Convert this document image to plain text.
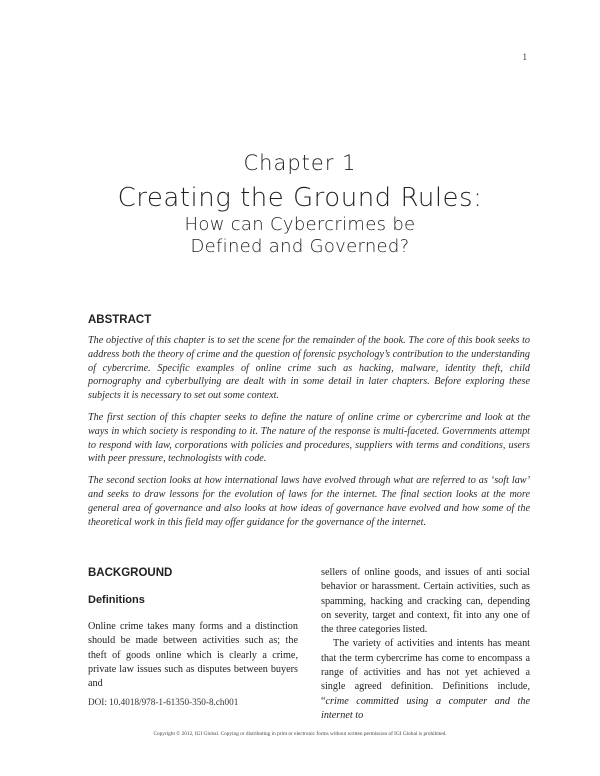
1
Chapter 1
Creating the Ground Rules:
How can Cybercrimes be
Defined and Governed?
ABSTRACT

The objective of this chapter is to set the scene for the remainder of the book. The core of this book seeks to address both the theory of crime and the question of forensic psychology’s contribution to the understanding of cybercrime. Specific examples of online crime such as hacking, malware, identity theft, child pornography and cyberbullying are dealt with in some detail in later chapters. Before exploring these subjects it is necessary to set out some context.

The first section of this chapter seeks to define the nature of online crime or cybercrime and look at the ways in which society is responding to it. The nature of the response is multi-faceted. Governments attempt to respond with law, corporations with policies and procedures, suppliers with terms and conditions, users with peer pressure, technologists with code.

The second section looks at how international laws have evolved through what are referred to as ‘soft law’ and seeks to draw lessons for the evolution of laws for the internet. The final section looks at the more general area of governance and also looks at how ideas of governance have evolved and how some of the theoretical work in this field may offer guidance for the governance of the internet.

BACKGROUND
Definitions

Online crime takes many forms and a distinction should be made between activities such as; the theft of goods online which is clearly a crime, private law issues such as disputes between buyers and

sellers of online goods, and issues of anti social behavior or harassment. Certain activities, such as spamming, hacking and cracking can, depending on severity, target and context, fit into any one of the three categories listed.

The variety of activities and intents has meant that the term cybercrime has come to encompass a range of activities and has not yet achieved a single agreed definition. Definitions include, “crime committed using a computer and the internet to

DOI: 10.4018/978-1-61350-350-8.ch001
Copyright © 2012, IGI Global. Copying or distributing in print or electronic forms without written permission of IGI Global is prohibited.
